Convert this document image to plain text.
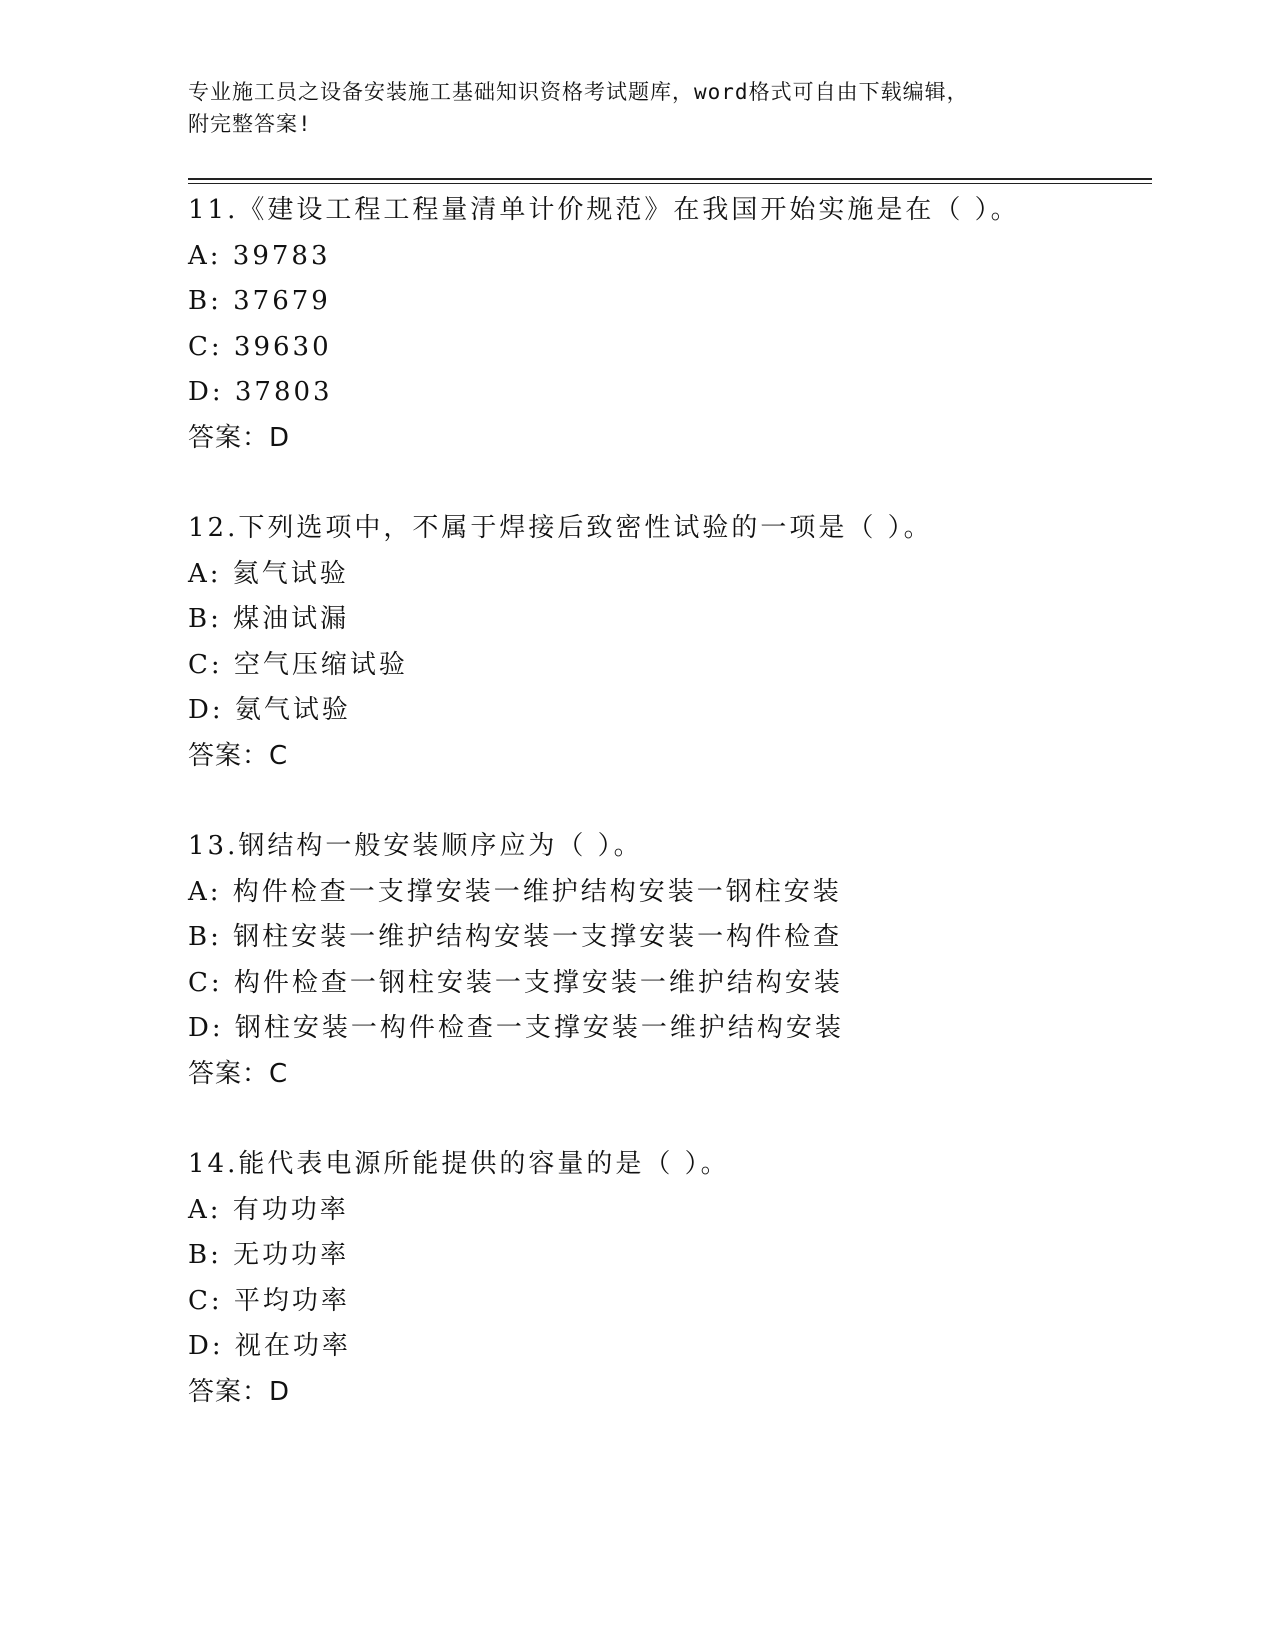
专业施工员之设备安装施工基础知识资格考试题库，word格式可自由下载编辑，
附完整答案!
11.《建设工程工程量清单计价规范》在我国开始实施是在（ ）。
A: 39783
B: 37679
C: 39630
D: 37803
答案：D
12.下列选项中，不属于焊接后致密性试验的一项是（ ）。
A: 氦气试验
B: 煤油试漏
C: 空气压缩试验
D: 氨气试验
答案：C
13.钢结构一般安装顺序应为（ ）。
A: 构件检查一支撑安装一维护结构安装一钢柱安装
B: 钢柱安装一维护结构安装一支撑安装一构件检查
C: 构件检查一钢柱安装一支撑安装一维护结构安装
D: 钢柱安装一构件检查一支撑安装一维护结构安装
答案：C
14.能代表电源所能提供的容量的是（ ）。
A: 有功功率
B: 无功功率
C: 平均功率
D: 视在功率
答案：D
